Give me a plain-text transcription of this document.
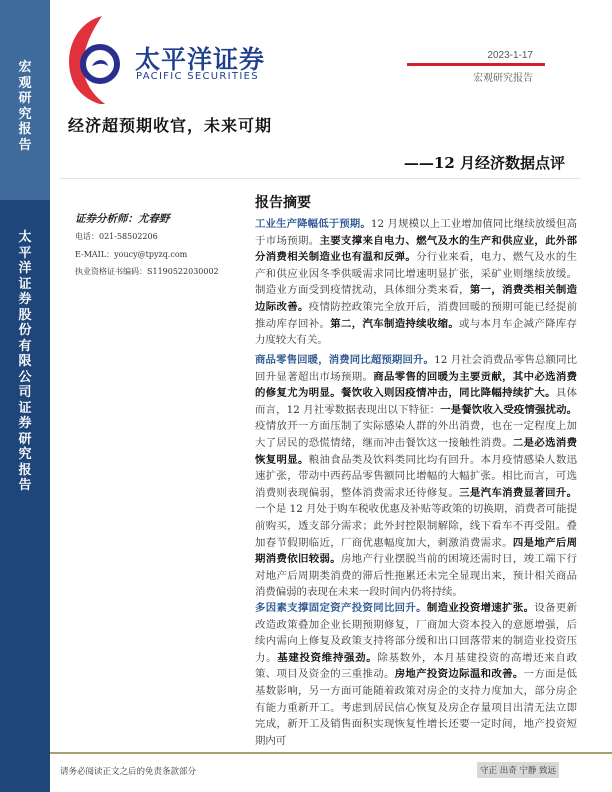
宏
观
研
究
报
告
太
平
洋
证
券
股
份
有
限
公
司
证
券
研
究
报
告
太平洋证券
PACIFIC SECURITIES
2023-1-17
宏观研究报告
经济超预期收官，未来可期
——12 月经济数据点评
证券分析师：尤春野
电话：021-58502206
E-MAIL：youcy@tpyzq.com
执业资格证书编码：S1190522030002
报告摘要
工业生产降幅低于预期。12 月规模以上工业增加值同比继续放缓但高于市场预期。主要支撑来自电力、燃气及水的生产和供应业，此外部分消费相关制造业也有温和反弹。分行业来看，电力、燃气及水的生产和供应业因冬季供暖需求同比增速明显扩张，采矿业则继续放缓。制造业方面受到疫情扰动，具体细分类来看，第一，消费类相关制造边际改善。疫情防控政策完全放开后，消费回暖的预期可能已经提前推动库存回补。第二，汽车制造持续收缩。或与本月车企减产降库存力度较大有关。
商品零售回暖，消费同比超预期回升。12 月社会消费品零售总额同比回升显著超出市场预期。商品零售的回暖为主要贡献，其中必选消费的修复尤为明显。餐饮收入则因疫情冲击，同比降幅持续扩大。具体而言，12 月社零数据表现出以下特征：一是餐饮收入受疫情强扰动。疫情放开一方面压制了实际感染人群的外出消费，也在一定程度上加大了居民的恐慌情绪，继而冲击餐饮这一接触性消费。二是必选消费恢复明显。粮油食品类及饮料类同比均有回升。本月疫情感染人数迅速扩张，带动中西药品零售额同比增幅的大幅扩张。相比而言，可选消费则表现偏弱，整体消费需求还待修复。三是汽车消费显著回升。一个是 12 月处于购车税收优惠及补贴等政策的切换期，消费者可能提前购买，透支部分需求；此外封控限制解除，线下看车不再受阻。叠加春节假期临近，厂商优惠幅度加大，刺激消费需求。四是地产后周期消费依旧较弱。房地产行业摆脱当前的困境还需时日，竣工端下行对地产后周期类消费的滞后性拖累还未完全显现出来，预计相关商品消费偏弱的表现在未来一段时间内仍将持续。
多因素支撑固定资产投资同比回升。制造业投资增速扩张。设备更新改造政策叠加企业长期预期修复，厂商加大资本投入的意愿增强，后续内需向上修复及政策支持将部分缓和出口回落带来的制造业投资压力。基建投资维持强劲。除基数外，本月基建投资的高增还来自政策、项目及资金的三重推动。房地产投资边际温和改善。一方面是低基数影响，另一方面可能随着政策对房企的支持力度加大，部分房企有能力重新开工。考虑到居民信心恢复及房企存量项目出清无法立即完成，新开工及销售面积实现恢复性增长还要一定时间，地产投资短期内可
请务必阅读正文之后的免责条款部分	守正 出奇 宁静 致远
